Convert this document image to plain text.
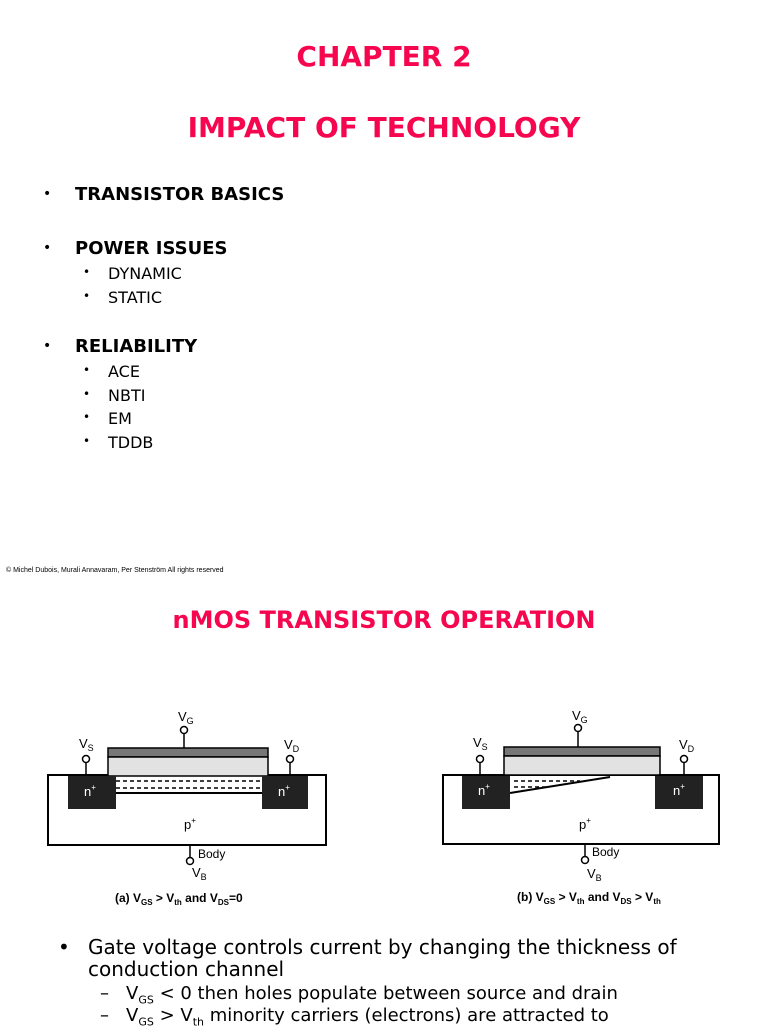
CHAPTER 2
IMPACT OF TECHNOLOGY
• TRANSISTOR BASICS
• POWER ISSUES
• DYNAMIC
• STATIC
• RELIABILITY
• ACE
• NBTI
• EM
• TDDB
© Michel Dubois, Murali Annavaram, Per Stenström All rights reserved
nMOS TRANSISTOR OPERATION
n+	n+
p+
$V_G$
$V_S$	$V_D$
Body
$V_B$
(a) $V_{GS} > V_{th}$ and $V_{DS}=0$
n+	n+
p+
$V_G$
$V_S$	$V_D$
Body
$V_B$
(b) $V_{GS} > V_{th}$ and $V_{DS} > V_{th}$
• Gate voltage controls current by changing the thickness of conduction channel
– $V_{GS} < 0$ then holes populate between source and drain
– $V_{GS} > V_{th}$ minority carriers (electrons) are attracted to
